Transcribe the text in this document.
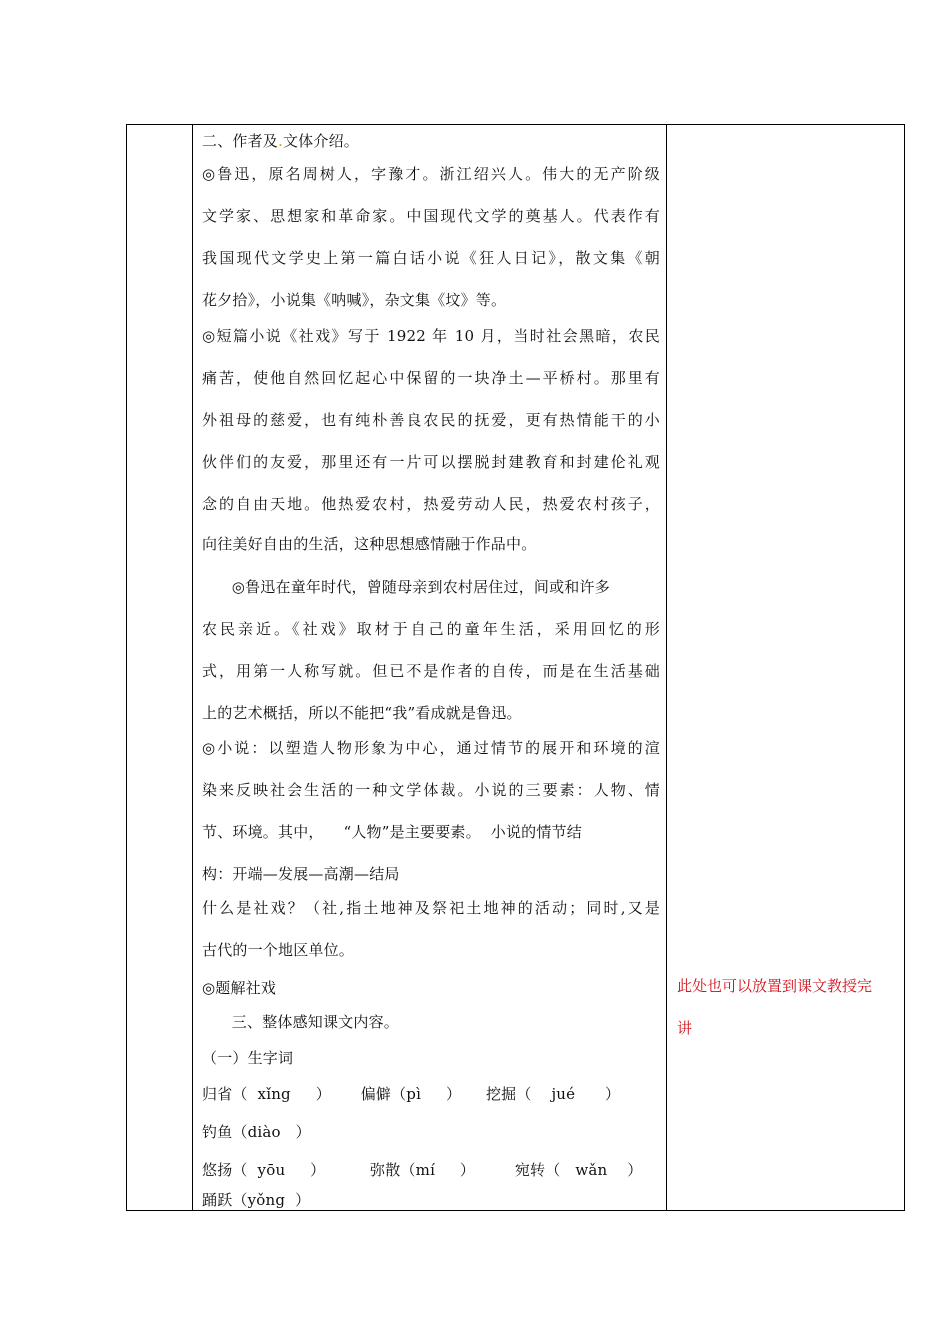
二、作者及.文体介绍。
◎鲁迅，原名周树人，字豫才。浙江绍兴人。伟大的无产阶级
文学家、思想家和革命家。中国现代文学的奠基人。代表作有
我国现代文学史上第一篇白话小说《狂人日记》，散文集《朝
花夕拾》，小说集《呐喊》，杂文集《坟》等。
◎短篇小说《社戏》写于 1922 年 10 月，当时社会黑暗，农民
痛苦，使他自然回忆起心中保留的一块净土—平桥村。那里有
外祖母的慈爱，也有纯朴善良农民的抚爱，更有热情能干的小
伙伴们的友爱，那里还有一片可以摆脱封建教育和封建伦礼观
念的自由天地。他热爱农村，热爱劳动人民，热爱农村孩子，
向往美好自由的生活，这种思想感情融于作品中。
◎鲁迅在童年时代，曾随母亲到农村居住过，间或和许多
农民亲近。《社戏》取材于自己的童年生活，采用回忆的形
式，用第一人称写就。但已不是作者的自传，而是在生活基础
上的艺术概括，所以不能把“我”看成就是鲁迅。
◎小说：以塑造人物形象为中心，通过情节的展开和环境的渲
染来反映社会生活的一种文学体裁。小说的三要素：人物、情
节、环境。其中，    “人物”是主要要素。  小说的情节结
构：开端—发展—高潮—结局
什么是社戏？（社,指土地神及祭祀土地神的活动；同时,又是
古代的一个地区单位。
◎题解社戏
三、整体感知课文内容。
（一）生字词
归省（  xǐng     ）      偏僻（pì     ）     挖掘（    jué      ）
钓鱼（diào   ）
悠扬（  yōu     ）         弥散（mí     ）        宛转（   wǎn    ）
踊跃（yǒng  ）
此处也可以放置到课文教授完
讲
